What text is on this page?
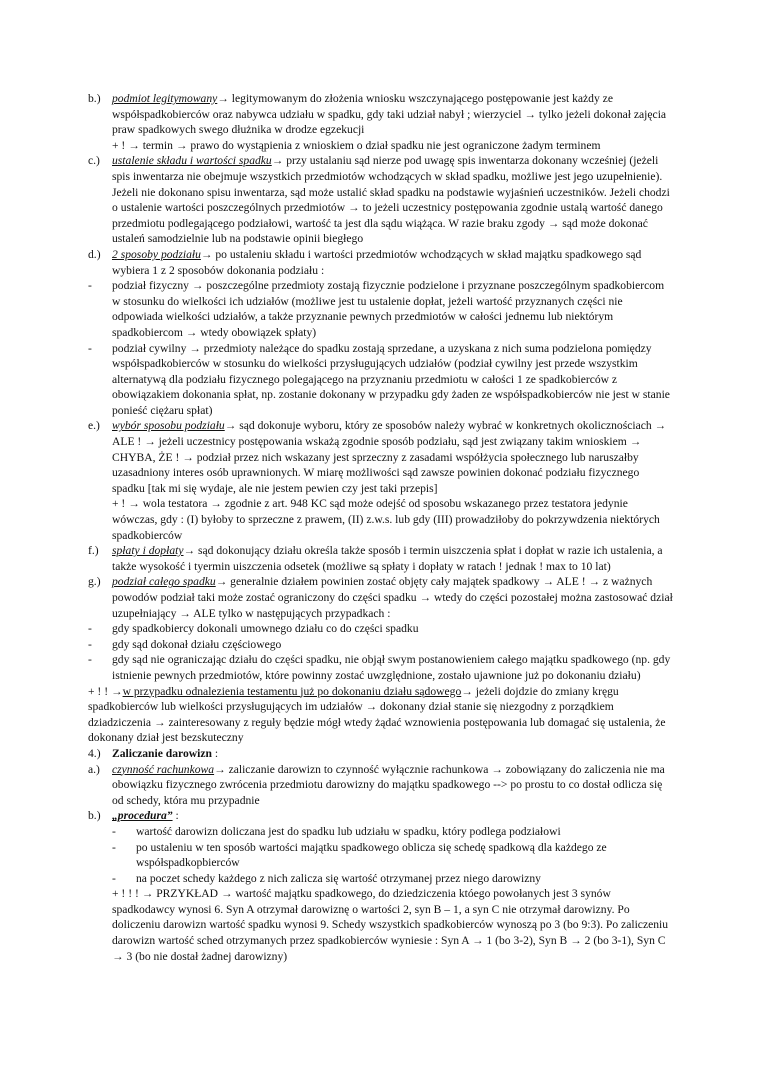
b.) podmiot legitymowany→ legitymowanym do złożenia wniosku wszczynającego postępowanie jest każdy ze współspadkobierców oraz nabywca udziału w spadku, gdy taki udział nabył ; wierzyciel → tylko jeżeli dokonał zajęcia praw spadkowych swego dłużnika w drodze egzekucji
+ ! → termin → prawo do wystąpienia z wnioskiem o dział spadku nie jest ograniczone żadym terminem
c.) ustalenie składu i wartości spadku→ przy ustalaniu sąd nierze pod uwagę spis inwentarza dokonany wcześniej (jeżeli spis inwentarza nie obejmuje wszystkich przedmiotów wchodzących w skład spadku, możliwe jest jego uzupełnienie). Jeżeli nie dokonano spisu inwentarza, sąd może ustalić skład spadku na podstawie wyjaśnień uczestników. Jeżeli chodzi o ustalenie wartości poszczególnych przedmiotów → to jeżeli uczestnicy postępowania zgodnie ustalą wartość danego przedmiotu podlegającego podziałowi, wartość ta jest dla sądu wiążąca. W razie braku zgody → sąd może dokonać ustaleń samodzielnie lub na podstawie opinii biegłego
d.) 2 sposoby podziału→ po ustaleniu składu i wartości przedmiotów wchodzących w skład majątku spadkowego sąd wybiera 1 z 2 sposobów dokonania podziału :
- podział fizyczny → poszczególne przedmioty zostają fizycznie podzielone i przyznane poszczególnym spadkobiercom w stosunku do wielkości ich udziałów (możliwe jest tu ustalenie dopłat, jeżeli wartość przyznanych części nie odpowiada wielkości udziałów, a także przyznanie pewnych przedmiotów w całości jednemu lub niektórym spadkobiercom → wtedy obowiązek spłaty)
- podział cywilny → przedmioty należące do spadku zostają sprzedane, a uzyskana z nich suma podzielona pomiędzy współspadkobierców w stosunku do wielkości przysługujących udziałów (podział cywilny jest przede wszystkim alternatywą dla podziału fizycznego polegającego na przyznaniu przedmiotu w całości 1 ze spadkobierców z obowiązakiem dokonania spłat, np. zostanie dokonany w przypadku gdy żaden ze współspadkobierców nie jest w stanie ponieść ciężaru spłat)
e.) wybór sposobu podziału→ sąd dokonuje wyboru, który ze sposobów należy wybrać w konkretnych okolicznościach → ALE ! → jeżeli uczestnicy postępowania wskażą zgodnie sposób podziału, sąd jest związany takim wnioskiem → CHYBA, ŻE ! → podział przez nich wskazany jest sprzeczny z zasadami współżycia społecznego lub naruszałby uzasadniony interes osób uprawnionych. W miarę możliwości sąd zawsze powinien dokonać podziału fizycznego spadku [tak mi się wydaje, ale nie jestem pewien czy jest taki przepis]
+ ! → wola testatora → zgodnie z art. 948 KC sąd może odejść od sposobu wskazanego przez testatora jedynie wówczas, gdy : (I) byłoby to sprzeczne z prawem, (II) z.w.s. lub gdy (III) prowadziłoby do pokrzywdzenia niektórych spadkobierców
f.) spłaty i dopłaty→ sąd dokonujący działu określa także sposób i termin uiszczenia spłat i dopłat w razie ich ustalenia, a także wysokość i tyermin uiszczenia odsetek (możliwe są spłaty i dopłaty w ratach ! jednak ! max to 10 lat)
g.) podział całego spadku→ generalnie działem powinien zostać objęty cały majątek spadkowy → ALE ! → z ważnych powodów podział taki może zostać ograniczony do części spadku → wtedy do części pozostałej można zastosować dział uzupełniający → ALE tylko w następujących przypadkach :
- gdy spadkobiercy dokonali umownego działu co do części spadku
- gdy sąd dokonał działu częściowego
- gdy sąd nie ograniczając działu do części spadku, nie objął swym postanowieniem całego majątku spadkowego (np. gdy istnienie pewnych przedmiotów, które powinny zostać uwzględnione, zostało ujawnione już po dokonaniu działu)
+ ! ! →w przypadku odnalezienia testamentu już po dokonaniu działu sądowego→ jeżeli dojdzie do zmiany kręgu spadkobierców lub wielkości przysługujących im udziałów → dokonany dział stanie się niezgodny z porządkiem dziadziczenia → zainteresowany z reguły będzie mógł wtedy żądać wznowienia postępowania lub domagać się ustalenia, że dokonany dział jest bezskuteczny
4.) Zaliczanie darowizn :
a.) czynność rachunkowa→ zaliczanie darowizn to czynność wyłącznie rachunkowa → zobowiązany do zaliczenia nie ma obowiązku fizycznego zwrócenia przedmiotu darowizny do majątku spadkowego --> po prostu to co dostał odlicza się od schedy, która mu przypadnie
b.) „procedura” :
- wartość darowizn doliczana jest do spadku lub udziału w spadku, który podlega podziałowi
- po ustaleniu w ten sposób wartości majątku spadkowego oblicza się schedę spadkową dla każdego ze współspadkopbierców
- na poczet schedy każdego z nich zalicza się wartość otrzymanej przez niego darowizny
+ ! ! ! → PRZYKŁAD → wartość majątku spadkowego, do dziedziczenia któego powołanych jest 3 synów spadkodawcy wynosi 6. Syn A otrzymał darowiznę o wartości 2, syn B – 1, a syn C nie otrzymał darowizny. Po doliczeniu darowizn wartość spadku wynosi 9. Schedy wszystkich spadkobierców wynoszą po 3 (bo 9:3). Po zaliczeniu darowizn wartość sched otrzymanych przez spadkobierców wyniesie : Syn A → 1 (bo 3-2), Syn B → 2 (bo 3-1), Syn C → 3 (bo nie dostał żadnej darowizny)
